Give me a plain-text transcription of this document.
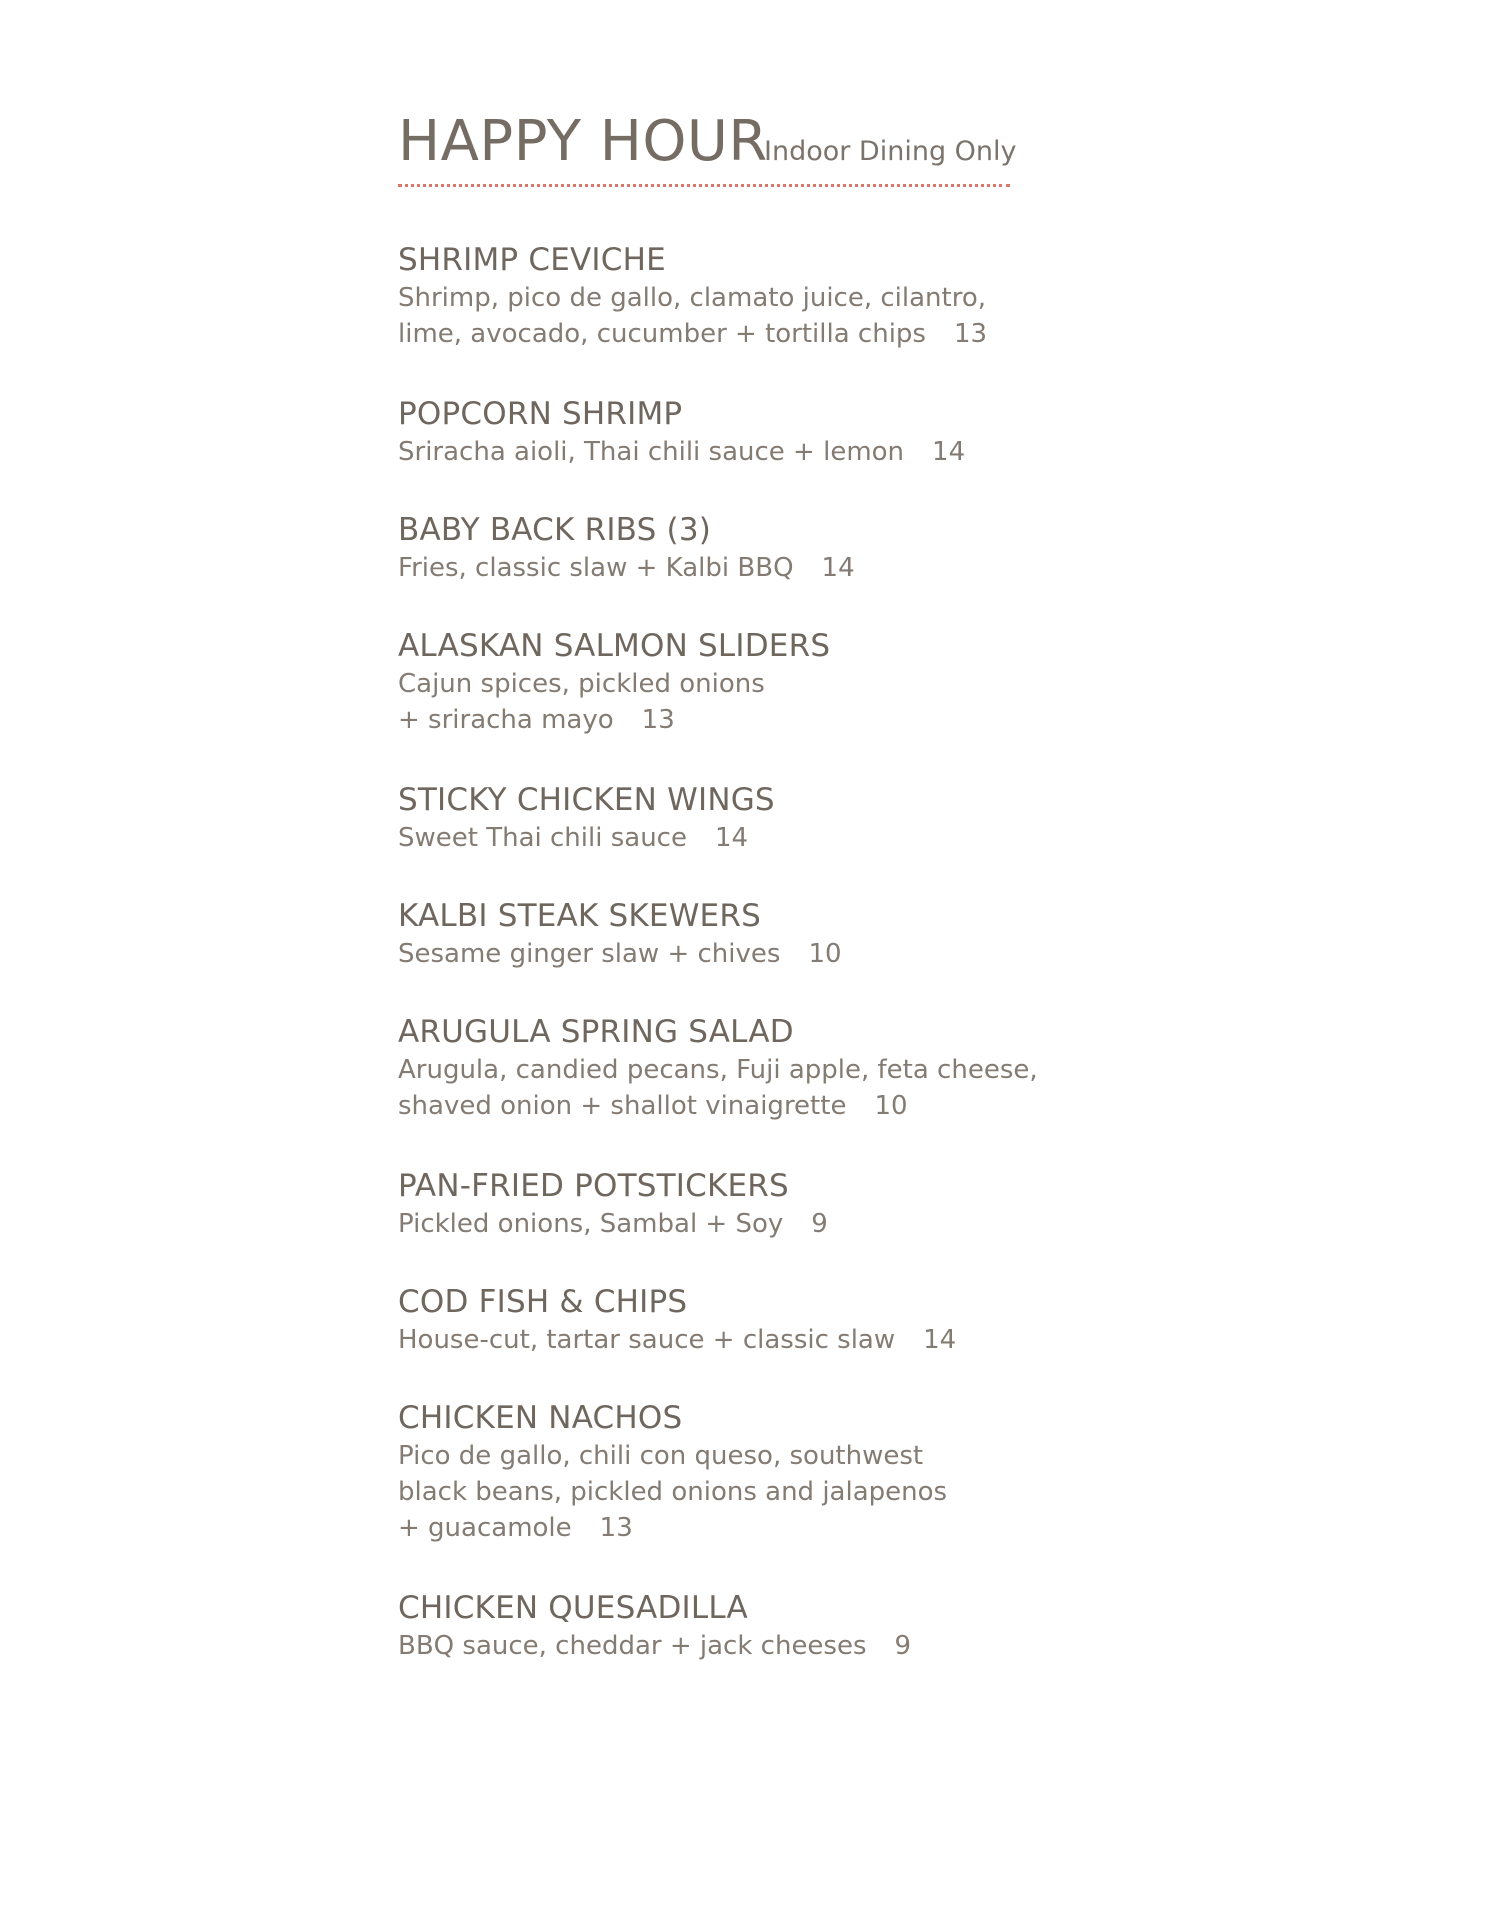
HAPPY HOUR
Indoor Dining Only
SHRIMP CEVICHE
Shrimp, pico de gallo, clamato juice, cilantro,
lime, avocado, cucumber + tortilla chips 13
POPCORN SHRIMP
Sriracha aioli, Thai chili sauce + lemon 14
BABY BACK RIBS (3)
Fries, classic slaw + Kalbi BBQ 14
ALASKAN SALMON SLIDERS
Cajun spices, pickled onions
+ sriracha mayo 13
STICKY CHICKEN WINGS
Sweet Thai chili sauce 14
KALBI STEAK SKEWERS
Sesame ginger slaw + chives 10
ARUGULA SPRING SALAD
Arugula, candied pecans, Fuji apple, feta cheese,
shaved onion + shallot vinaigrette 10
PAN-FRIED POTSTICKERS
Pickled onions, Sambal + Soy 9
COD FISH & CHIPS
House-cut, tartar sauce + classic slaw 14
CHICKEN NACHOS
Pico de gallo, chili con queso, southwest
black beans, pickled onions and jalapenos
+ guacamole 13
CHICKEN QUESADILLA
BBQ sauce, cheddar + jack cheeses 9
